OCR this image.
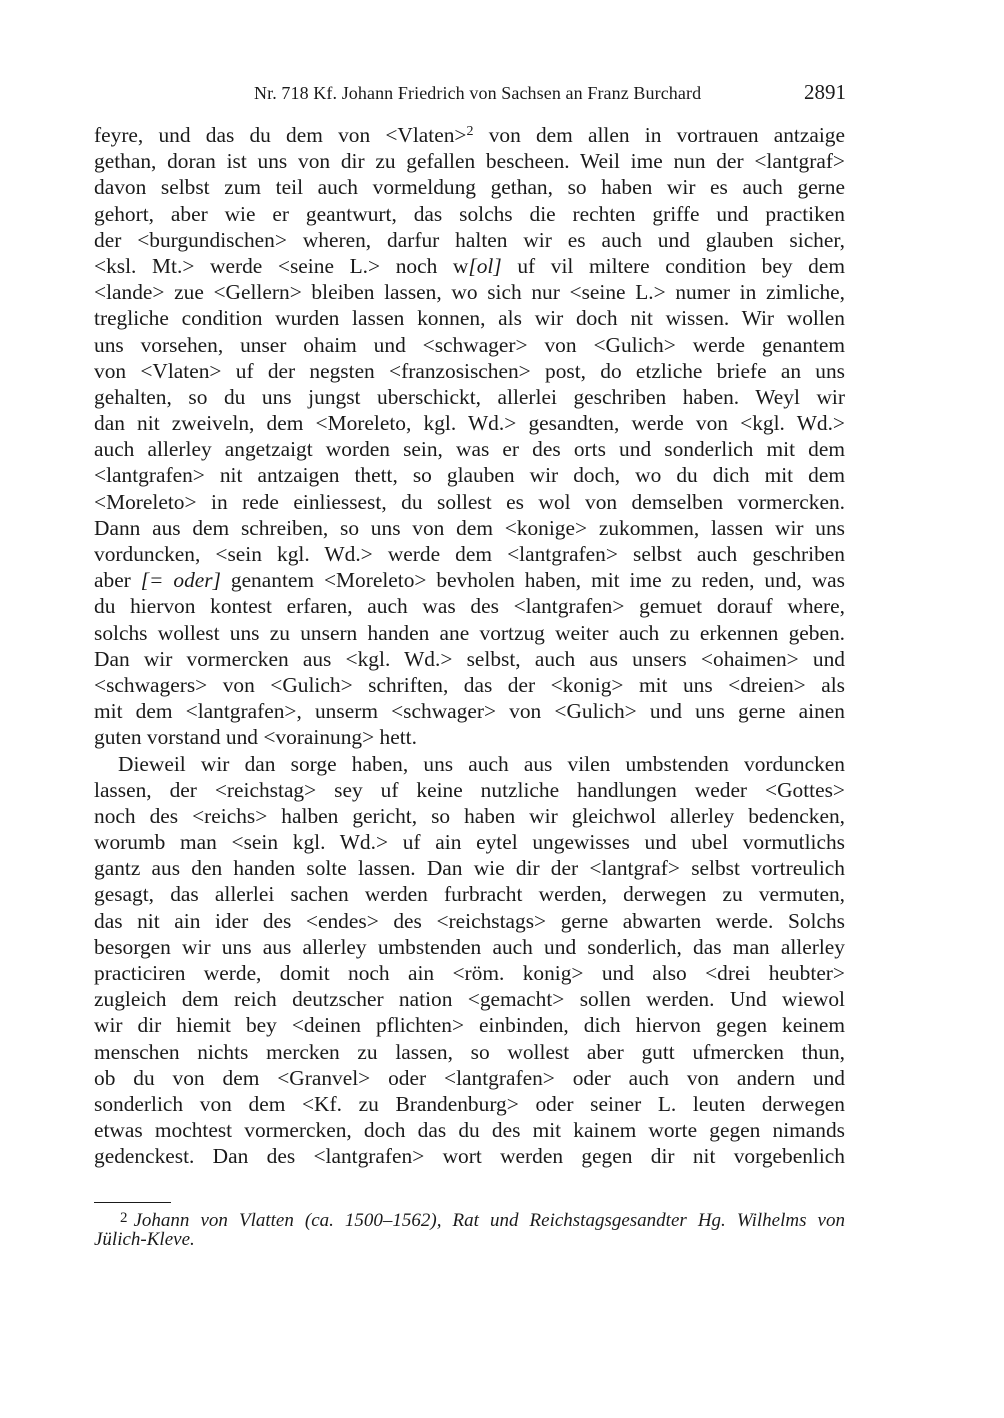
Nr. 718 Kf. Johann Friedrich von Sachsen an Franz Burchard	2891
feyre, und das du dem von <Vlaten>$^2$ von dem allen in vortrauen antzaige
gethan, doran ist uns von dir zu gefallen bescheen. Weil ime nun der <lantgraf>
davon selbst zum teil auch vormeldung gethan, so haben wir es auch gerne
gehort, aber wie er geantwurt, das solchs die rechten griffe und practiken
der <burgundischen> wheren, darfur halten wir es auch und glauben sicher,
<ksl. Mt.> werde <seine L.> noch w[ol] uf vil miltere condition bey dem
<lande> zue <Gellern> bleiben lassen, wo sich nur <seine L.> numer in zimliche,
tregliche condition wurden lassen konnen, als wir doch nit wissen. Wir wollen
uns vorsehen, unser ohaim und <schwager> von <Gulich> werde genantem
von <Vlaten> uf der negsten <franzosischen> post, do etzliche briefe an uns
gehalten, so du uns jungst uberschickt, allerlei geschriben haben. Weyl wir
dan nit zweiveln, dem <Moreleto, kgl. Wd.> gesandten, werde von <kgl. Wd.>
auch allerley angetzaigt worden sein, was er des orts und sonderlich mit dem
<lantgrafen> nit antzaigen thett, so glauben wir doch, wo du dich mit dem
<Moreleto> in rede einliessest, du sollest es wol von demselben vormercken.
Dann aus dem schreiben, so uns von dem <konige> zukommen, lassen wir uns
vorduncken, <sein kgl. Wd.> werde dem <lantgrafen> selbst auch geschriben
aber [= oder] genantem <Moreleto> bevholen haben, mit ime zu reden, und, was
du hiervon kontest erfaren, auch was des <lantgrafen> gemuet dorauf where,
solchs wollest uns zu unsern handen ane vortzug weiter auch zu erkennen geben.
Dan wir vormercken aus <kgl. Wd.> selbst, auch aus unsers <ohaimen> und
<schwagers> von <Gulich> schriften, das der <konig> mit uns <dreien> als
mit dem <lantgrafen>, unserm <schwager> von <Gulich> und uns gerne ainen
guten vorstand und <vorainung> hett.
Dieweil wir dan sorge haben, uns auch aus vilen umbstenden vorduncken
lassen, der <reichstag> sey uf keine nutzliche handlungen weder <Gottes>
noch des <reichs> halben gericht, so haben wir gleichwol allerley bedencken,
worumb man <sein kgl. Wd.> uf ain eytel ungewisses und ubel vormutlichs
gantz aus den handen solte lassen. Dan wie dir der <lantgraf> selbst vortreulich
gesagt, das allerlei sachen werden furbracht werden, derwegen zu vermuten,
das nit ain ider des <endes> des <reichstags> gerne abwarten werde. Solchs
besorgen wir uns aus allerley umbstenden auch und sonderlich, das man allerley
practiciren werde, domit noch ain <röm. konig> und also <drei heubter>
zugleich dem reich deutzscher nation <gemacht> sollen werden. Und wiewol
wir dir hiemit bey <deinen pflichten> einbinden, dich hiervon gegen keinem
menschen nichts mercken zu lassen, so wollest aber gutt ufmercken thun,
ob du von dem <Granvel> oder <lantgrafen> oder auch von andern und
sonderlich von dem <Kf. zu Brandenburg> oder seiner L. leuten derwegen
etwas mochtest vormercken, doch das du des mit kainem worte gegen nimands
gedenckest. Dan des <lantgrafen> wort werden gegen dir nit vorgebenlich
$^2$ Johann von Vlatten (ca. 1500–1562), Rat und Reichstagsgesandter Hg. Wilhelms von
Jülich-Kleve.
